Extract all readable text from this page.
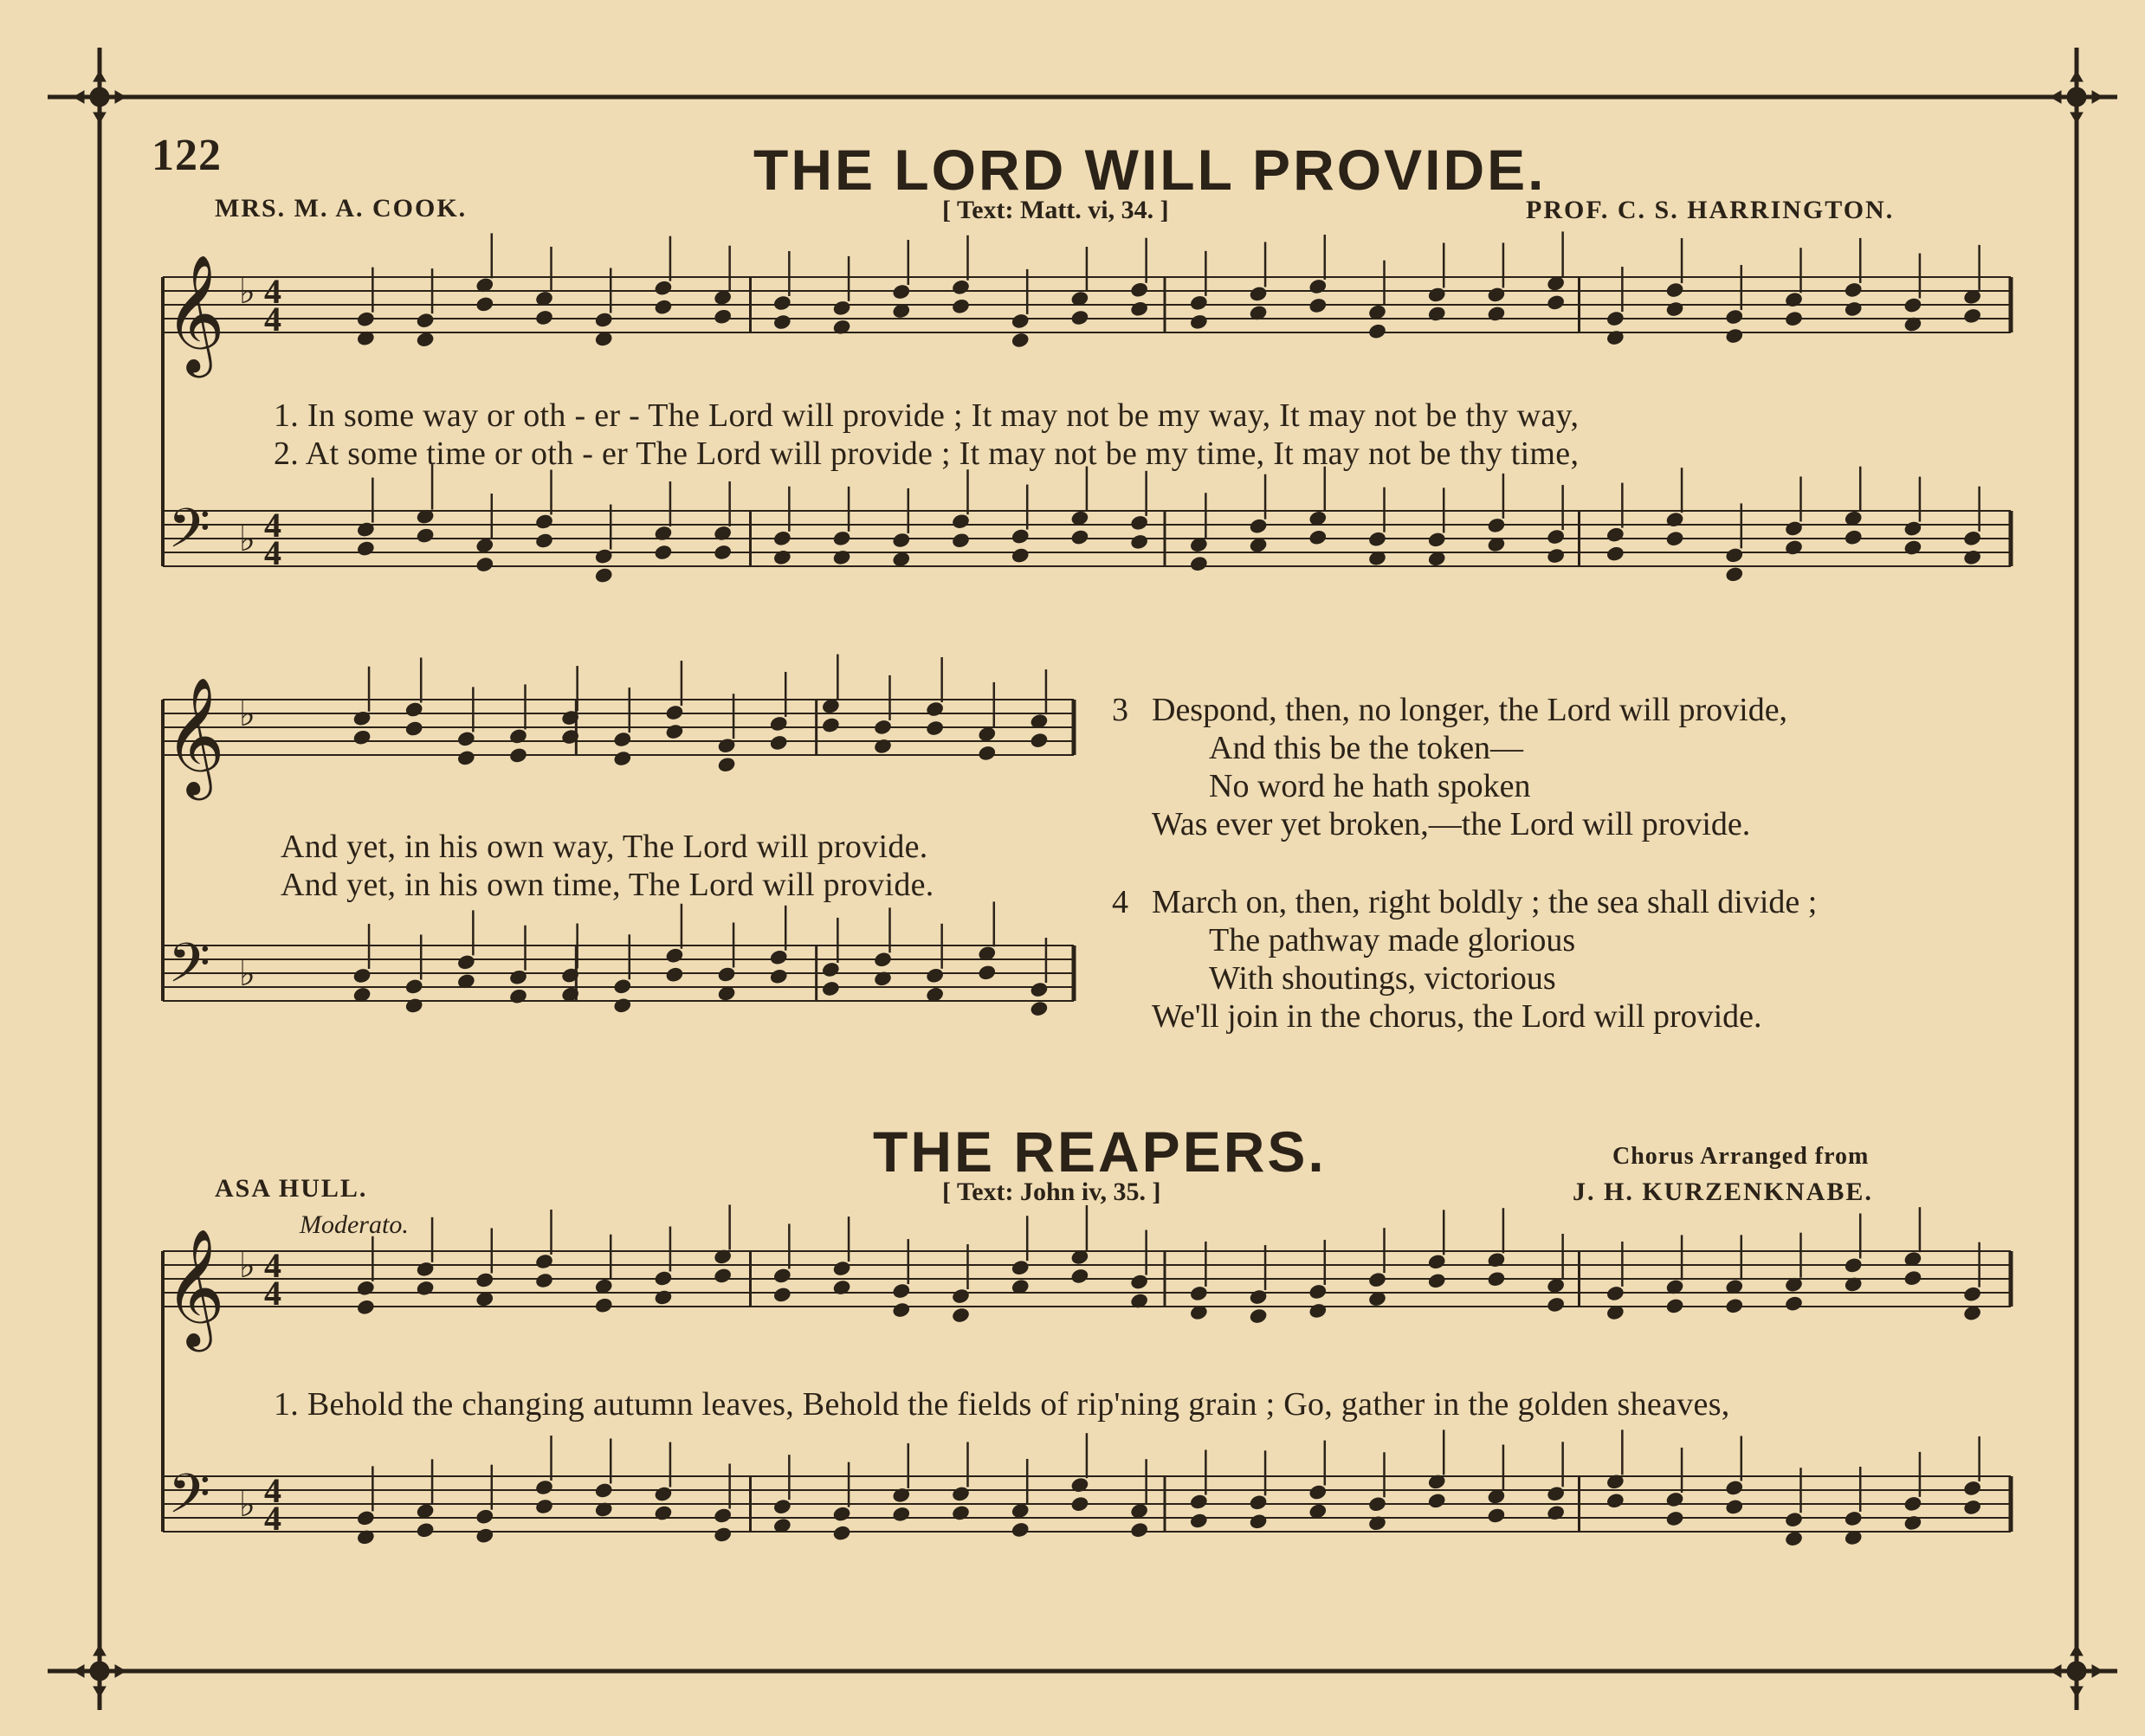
𝄞
𝄢
♭
♭
𝄞
𝄢
♭
♭
𝄞
𝄢
♭
♭
4
4
4
4
4
4
4
4
122	THE LORD WILL PROVIDE.
MRS. M. A. COOK.	[ Text: Matt. vi, 34. ]	PROF. C. S. HARRINGTON.
1. In some way or oth - er - The Lord will provide ; It may not be my way, It may not be thy way,
2. At some time or oth - er The Lord will provide ; It may not be my time, It may not be thy time,
And yet, in his own way, The Lord will provide.
And yet, in his own time, The Lord will provide.
3 Despond, then, no longer, the Lord will provide,
And this be the token—
No word he hath spoken
Was ever yet broken,—the Lord will provide.
4 March on, then, right boldly ; the sea shall divide ;
The pathway made glorious
With shoutings, victorious
We'll join in the chorus, the Lord will provide.
THE REAPERS.
ASA HULL.	[ Text: John iv, 35. ]
Chorus Arranged from
J. H. KURZENKNABE.
Moderato.
1. Behold the changing autumn leaves, Behold the fields of rip'ning grain ; Go, gather in the golden sheaves,
